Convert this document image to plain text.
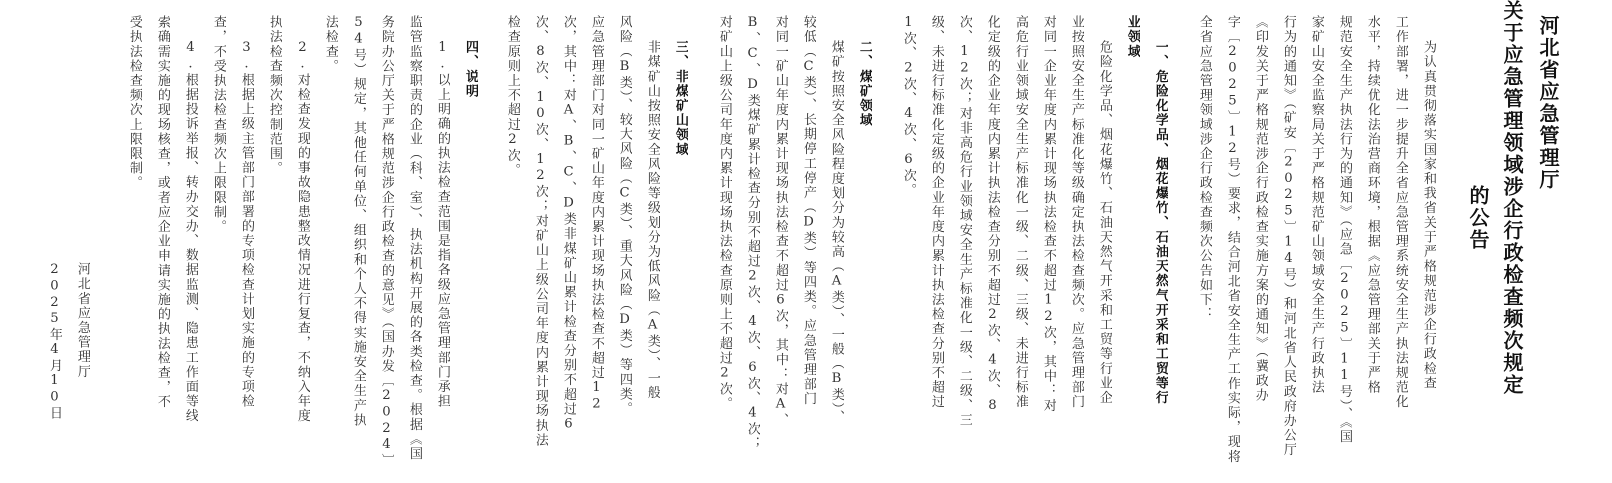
河北省应急管理厅
关于应急管理领域涉企行政检查频次规定
的公告
为认真贯彻落实国家和我省关于严格规范涉企行政检查
工作部署，进一步提升全省应急管理系统安全生产执法规范化
水平，持续优化法治营商环境，根据《应急管理部关于严格
规范安全生产执法行为的通知》（应急〔2025〕11号）、《国
家矿山安全监察局关于严格规范矿山领域安全生产行政执法
行为的通知》（矿安〔2025〕14号）和河北省人民政府办公厅
《印发关于严格规范涉企行政检查实施方案的通知》（冀政办
字〔2025〕12号）要求，结合河北省安全生产工作实际，现将
全省应急管理领域涉企行政检查频次公告如下：
一、危险化学品、烟花爆竹、石油天然气开采和工贸等行
业领域
危险化学品、烟花爆竹、石油天然气开采和工贸等行业企
业按照安全生产标准化等级确定执法检查频次。应急管理部门
对同一企业年度内累计现场执法检查不超过12次，其中：对
高危行业领域安全生产标准化一级、二级、三级、未进行标准
化定级的企业年度内累计执法检查分别不超过2次、4次、8
次、12次；对非高危行业领域安全生产标准化一级、二级、三
级、未进行标准化定级的企业年度内累计执法检查分别不超过
1次、2次、4次、6次。
二、煤矿领域
煤矿按照安全风险程度划分为较高（A类）、一般（B类）、
较低（C类）、长期停工停产（D类）等四类。应急管理部门
对同一矿山年度内累计现场执法检查不超过6次，其中：对A、
B、C、D类煤矿累计检查分别不超过2次、4次、6次、4次；
对矿山上级公司年度内累计现场执法检查原则上不超过2次。
三、非煤矿山领域
非煤矿山按照安全风险等级划分为低风险（A类）、一般
风险（B类）、较大风险（C类）、重大风险（D类）等四类。
应急管理部门对同一矿山年度内累计现场执法检查不超过12
次，其中：对A、B、C、D类非煤矿山累计检查分别不超过6
次、8次、10次、12次；对矿山上级公司年度内累计现场执法
检查原则上不超过2次。
四、说明
1.以上明确的执法检查范围是指各级应急管理部门承担
监管监察职责的企业（科、室）、执法机构开展的各类检查。根据《国
务院办公厅关于严格规范涉企行政检查的意见》（国办发〔2024〕
54号）规定，其他任何单位、组织和个人不得实施安全生产执
法检查。
2.对检查发现的事故隐患整改情况进行复查，不纳入年度
执法检查频次控制范围。
3.根据上级主管部门部署的专项检查计划实施的专项检
查，不受执法检查频次上限限制。
4.根据投诉举报、转办交办、数据监测、隐患工作面等线
索确需实施的现场核查，或者应企业申请实施的执法检查，不
受执法检查频次上限限制。
河北省应急管理厅
2025年4月10日
